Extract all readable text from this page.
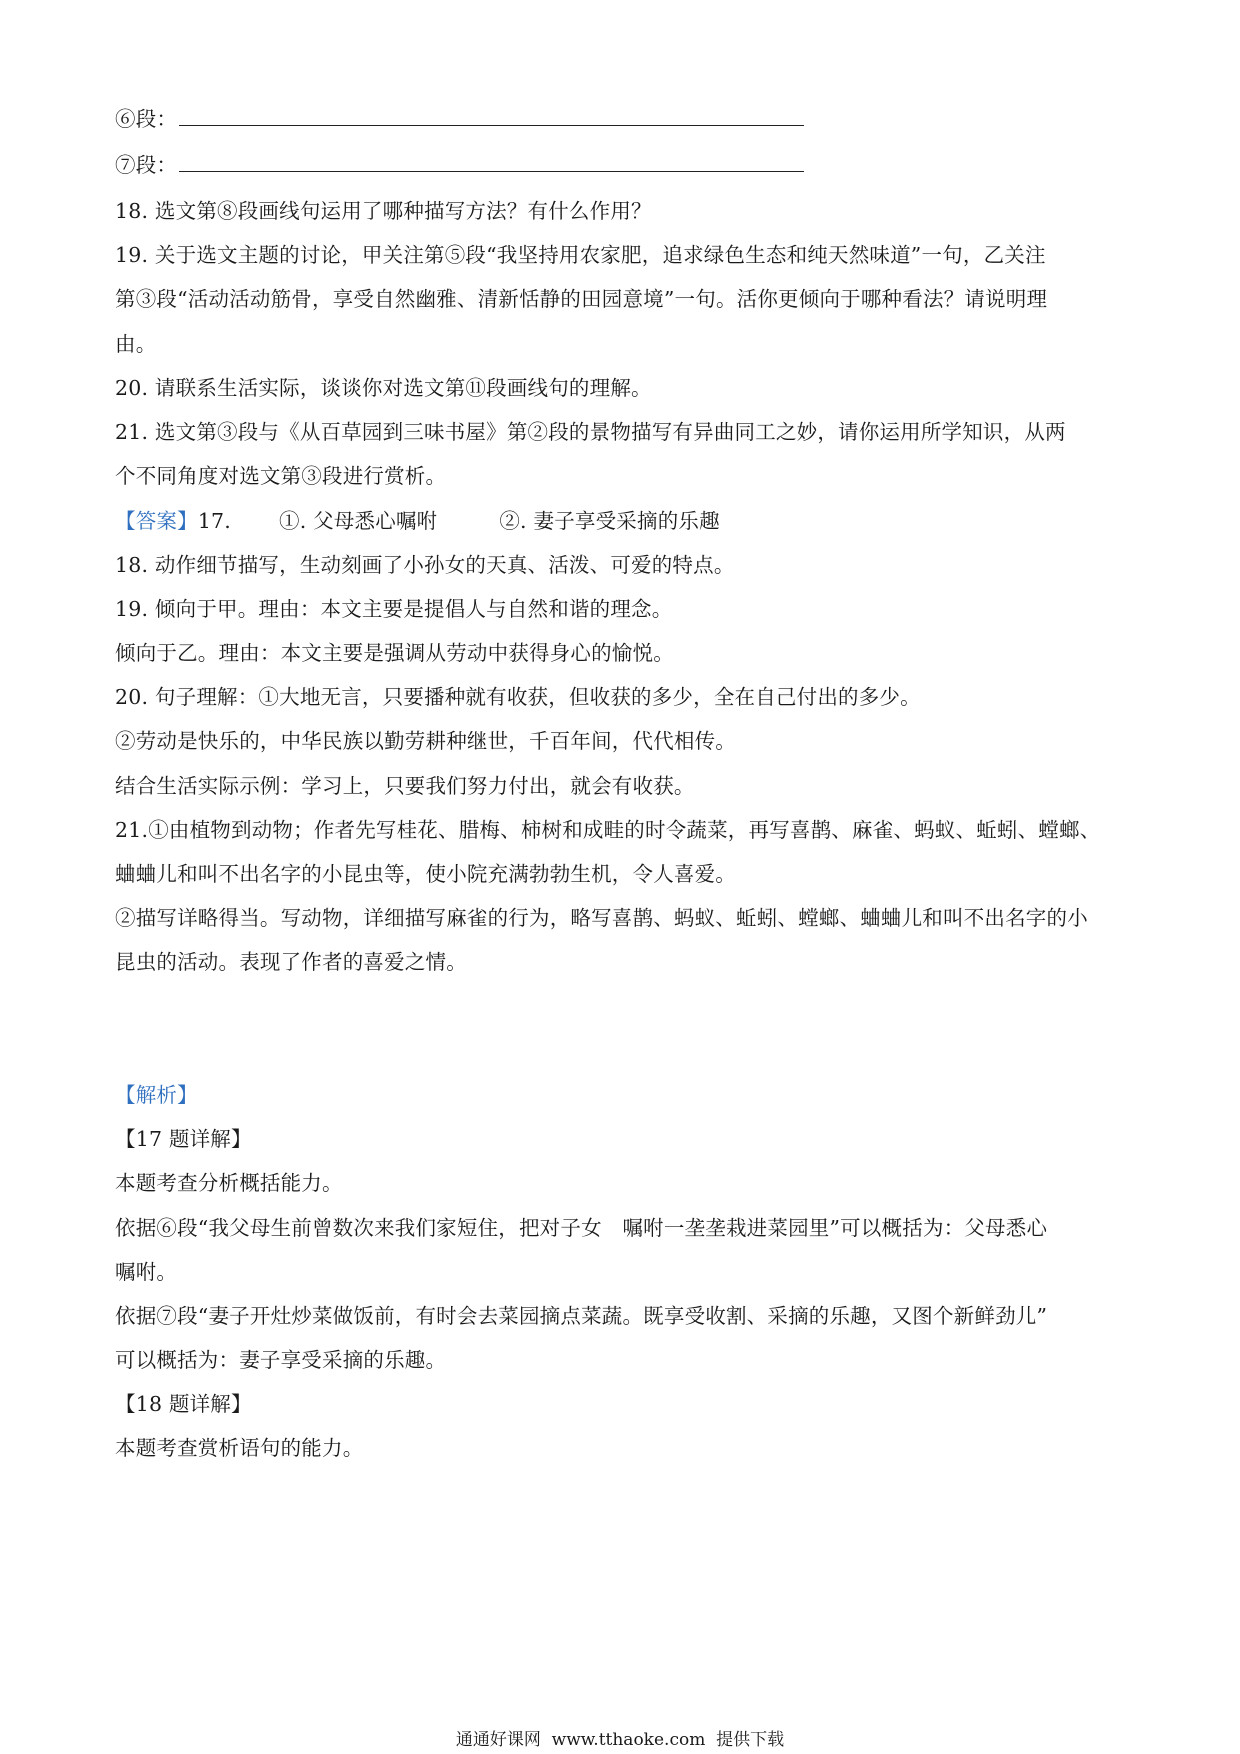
⑥段：
⑦段：
18. 选文第⑧段画线句运用了哪种描写方法？有什么作用？
19. 关于选文主题的讨论，甲关注第⑤段“我坚持用农家肥，追求绿色生态和纯天然味道”一句，乙关注
第③段“活动活动筋骨，享受自然幽雅、清新恬静的田园意境”一句。活你更倾向于哪种看法？请说明理
由。
20. 请联系生活实际，谈谈你对选文第⑪段画线句的理解。
21. 选文第③段与《从百草园到三味书屋》第②段的景物描写有异曲同工之妙，请你运用所学知识，从两
个不同角度对选文第③段进行赏析。
【答案】17. ①. 父母悉心嘱咐	②. 妻子享受采摘的乐趣
18. 动作细节描写，生动刻画了小孙女的天真、活泼、可爱的特点。
19. 倾向于甲。理由：本文主要是提倡人与自然和谐的理念。
倾向于乙。理由：本文主要是强调从劳动中获得身心的愉悦。
20. 句子理解：①大地无言，只要播种就有收获，但收获的多少，全在自己付出的多少。
②劳动是快乐的，中华民族以勤劳耕种继世，千百年间，代代相传。
结合生活实际示例：学习上，只要我们努力付出，就会有收获。
21.①由植物到动物；作者先写桂花、腊梅、柿树和成畦的时令蔬菜，再写喜鹊、麻雀、蚂蚁、蚯蚓、螳螂、
蛐蛐儿和叫不出名字的小昆虫等，使小院充满勃勃生机，令人喜爱。
②描写详略得当。写动物，详细描写麻雀的行为，略写喜鹊、蚂蚁、蚯蚓、螳螂、蛐蛐儿和叫不出名字的小
昆虫的活动。表现了作者的喜爱之情。
【解析】
【17 题详解】
本题考查分析概括能力。
依据⑥段“我父母生前曾数次来我们家短住，把对子女　嘱咐一垄垄栽进菜园里”可以概括为：父母悉心
嘱咐。
依据⑦段“妻子开灶炒菜做饭前，有时会去菜园摘点菜蔬。既享受收割、采摘的乐趣，又图个新鲜劲儿”
可以概括为：妻子享受采摘的乐趣。
【18 题详解】
本题考查赏析语句的能力。
通通好课网 www.tthaoke.com 提供下载
